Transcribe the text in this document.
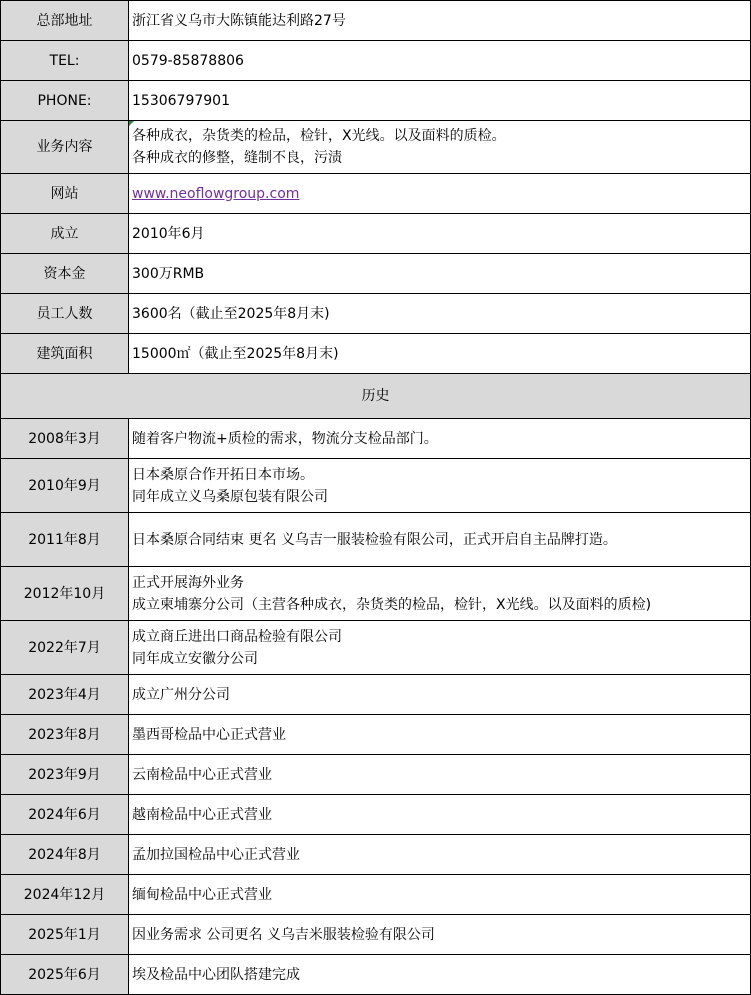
总部地址	浙江省义乌市大陈镇能达利路27号
TEL:	0579-85878806
PHONE:	15306797901
业务内容	各种成衣，杂货类的检品，检针，X光线。以及面料的质检。
各种成衣的修整，缝制不良，污渍

网站	www.neoflowgroup.com
成立	2010年6月
资本金	300万RMB
员工人数	3600名（截止至2025年8月末)
建筑面积	15000㎡（截止至2025年8月末)
历史	
2008年3月	随着客户物流+质检的需求，物流分支检品部门。

2010年9月	日本桑原合作开拓日本市场。
同年成立义乌桑原包装有限公司

2011年8月	日本桑原合同结束 更名 义乌吉一服装检验有限公司，正式开启自主品牌打造。

2012年10月	正式开展海外业务
成立柬埔寨分公司（主营各种成衣，杂货类的检品，检针，X光线。以及面料的质检)

2022年7月	成立商丘进出口商品检验有限公司
同年成立安徽分公司

2023年4月	成立广州分公司

2023年8月	墨西哥检品中心正式营业

2023年9月	云南检品中心正式营业

2024年6月	越南检品中心正式营业

2024年8月	孟加拉国检品中心正式营业

2024年12月	缅甸检品中心正式营业

2025年1月	因业务需求 公司更名 义乌吉米服装检验有限公司

2025年6月	埃及检品中心团队搭建完成
